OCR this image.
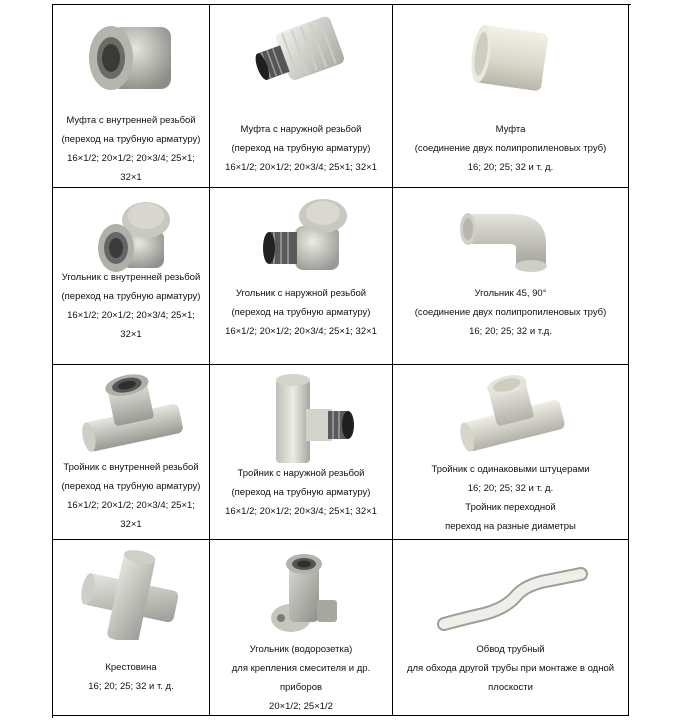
Муфта с внутренней резьбой
(переход на трубную арматуру)
16×1/2; 20×1/2; 20×3/4; 25×1;
32×1
Муфта с наружной резьбой
(переход на трубную арматуру)
16×1/2; 20×1/2; 20×3/4; 25×1; 32×1
Муфта
(соединение двух полипропиленовых труб)
16; 20; 25; 32 и т. д.
Угольник с внутренней резьбой
(переход на трубную арматуру)
16×1/2; 20×1/2; 20×3/4; 25×1;
32×1
Угольник с наружной резьбой
(переход на трубную арматуру)
16×1/2; 20×1/2; 20×3/4; 25×1; 32×1
Угольник 45, 90°
(соединение двух полипропиленовых труб)
16; 20; 25; 32 и т.д.
Тройник с внутренней резьбой
(переход на трубную арматуру)
16×1/2; 20×1/2; 20×3/4; 25×1;
32×1
Тройник с наружной резьбой
(переход на трубную арматуру)
16×1/2; 20×1/2; 20×3/4; 25×1; 32×1
Тройник с одинаковыми штуцерами
16; 20; 25; 32 и т. д.
Тройник переходной
переход на разные диаметры
Крестовина
16; 20; 25; 32 и т. д.
Угольник (водорозетка)
для крепления смесителя и др.
приборов
20×1/2; 25×1/2
Обвод трубный
для обхода другой трубы при монтаже в одной
плоскости
